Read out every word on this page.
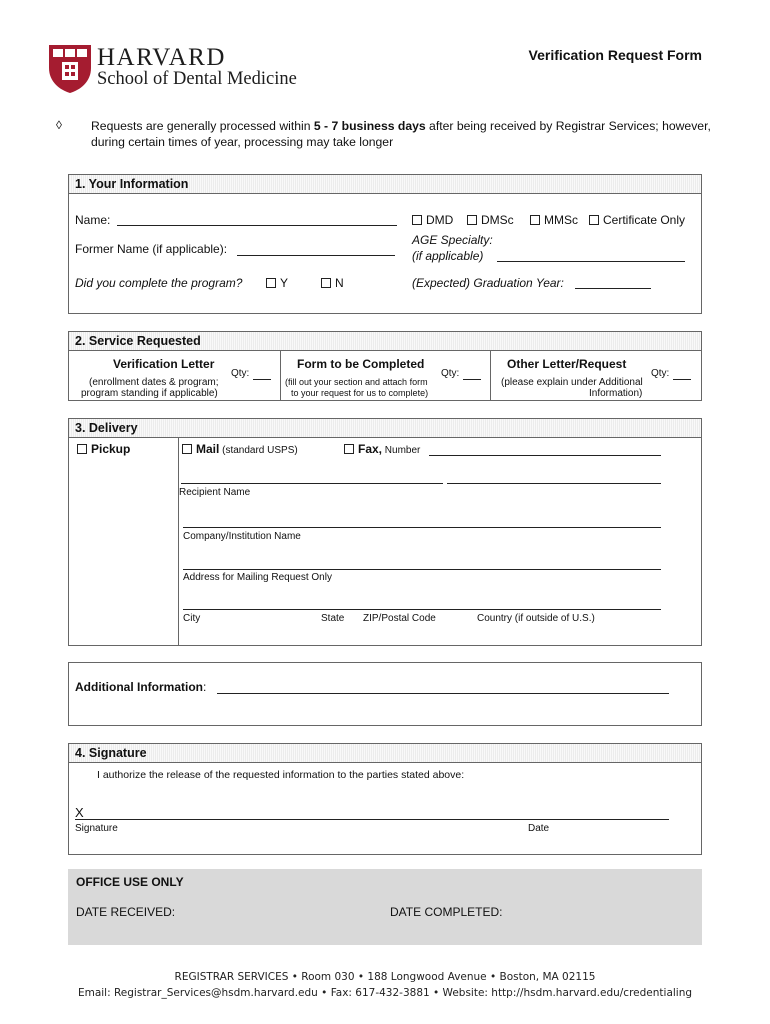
HARVARD
School of Dental Medicine
Verification Request Form
◊ Requests are generally processed within 5 - 7 business days after being received by Registrar Services; however, during certain times of year, processing may take longer
1. Your Information
Name:
Former Name (if applicable):
Did you complete the program?	Y	N
DMD	DMSc	MMSc	Certificate Only
AGE Specialty:
(if applicable)
(Expected) Graduation Year:
2. Service Requested
Verification Letter
(enrollment dates & program;
program standing if applicable)
Qty:
Form to be Completed
(fill out your section and attach form
to your request for us to complete)
Qty:
Other Letter/Request
(please explain under Additional
Information)
Qty:
3. Delivery
Pickup	Mail (standard USPS)	Fax, Number
Recipient Name
Company/Institution Name
Address for Mailing Request Only
City	State ZIP/Postal Code	Country (if outside of U.S.)
Additional Information:
4. Signature
I authorize the release of the requested information to the parties stated above:
X
Signature	Date
OFFICE USE ONLY
DATE RECEIVED:	DATE COMPLETED:
REGISTRAR SERVICES • Room 030 • 188 Longwood Avenue • Boston, MA 02115
Email: Registrar_Services@hsdm.harvard.edu • Fax: 617-432-3881 • Website: http://hsdm.harvard.edu/credentialing
